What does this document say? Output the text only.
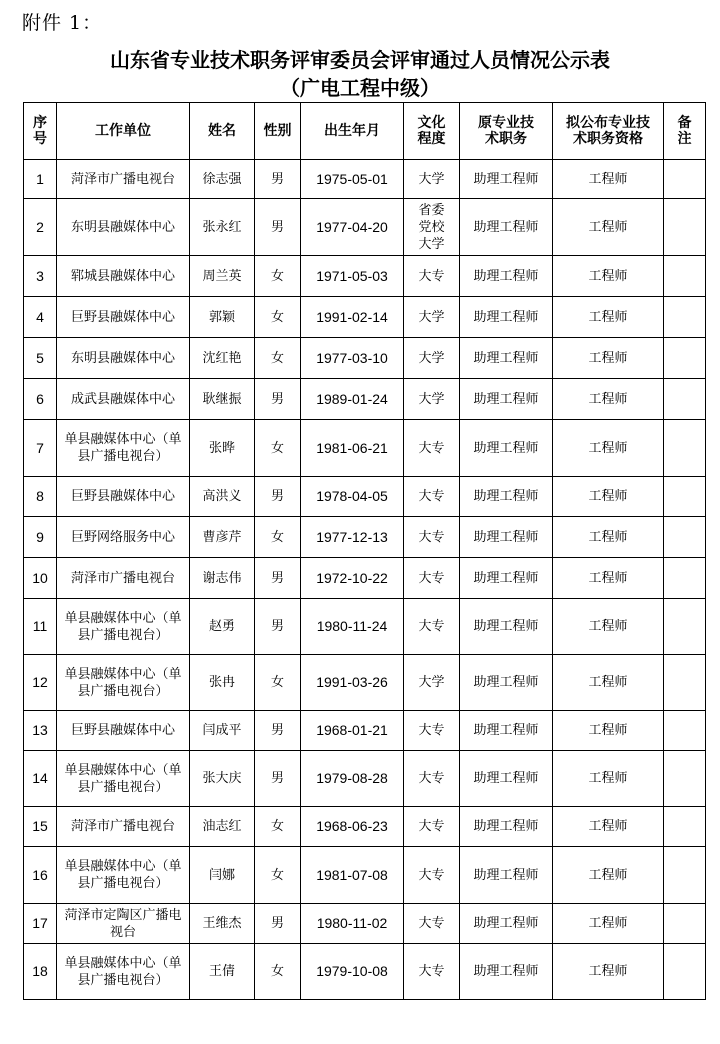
附件 1：
山东省专业技术职务评审委员会评审通过人员情况公示表
（广电工程中级）
序号	工作单位	姓名	性别	出生年月	文化程度	原专业技术职务	拟公布专业技术职务资格	备注
1	菏泽市广播电视台	徐志强	男	1975-05-01	大学	助理工程师	工程师	
2	东明县融媒体中心	张永红	男	1977-04-20	省委党校大学	助理工程师	工程师	
3	郓城县融媒体中心	周兰英	女	1971-05-03	大专	助理工程师	工程师	
4	巨野县融媒体中心	郭颖	女	1991-02-14	大学	助理工程师	工程师	
5	东明县融媒体中心	沈红艳	女	1977-03-10	大学	助理工程师	工程师	
6	成武县融媒体中心	耿继振	男	1989-01-24	大学	助理工程师	工程师	
7	单县融媒体中心（单县广播电视台）	张晔	女	1981-06-21	大专	助理工程师	工程师	
8	巨野县融媒体中心	高洪义	男	1978-04-05	大专	助理工程师	工程师	
9	巨野网络服务中心	曹彦芹	女	1977-12-13	大专	助理工程师	工程师	
10	菏泽市广播电视台	谢志伟	男	1972-10-22	大专	助理工程师	工程师	
11	单县融媒体中心（单县广播电视台）	赵勇	男	1980-11-24	大专	助理工程师	工程师	
12	单县融媒体中心（单县广播电视台）	张冉	女	1991-03-26	大学	助理工程师	工程师	
13	巨野县融媒体中心	闫成平	男	1968-01-21	大专	助理工程师	工程师	
14	单县融媒体中心（单县广播电视台）	张大庆	男	1979-08-28	大专	助理工程师	工程师	
15	菏泽市广播电视台	油志红	女	1968-06-23	大专	助理工程师	工程师	
16	单县融媒体中心（单县广播电视台）	闫娜	女	1981-07-08	大专	助理工程师	工程师	
17	菏泽市定陶区广播电视台	王维杰	男	1980-11-02	大专	助理工程师	工程师	
18	单县融媒体中心（单县广播电视台）	王倩	女	1979-10-08	大专	助理工程师	工程师	
